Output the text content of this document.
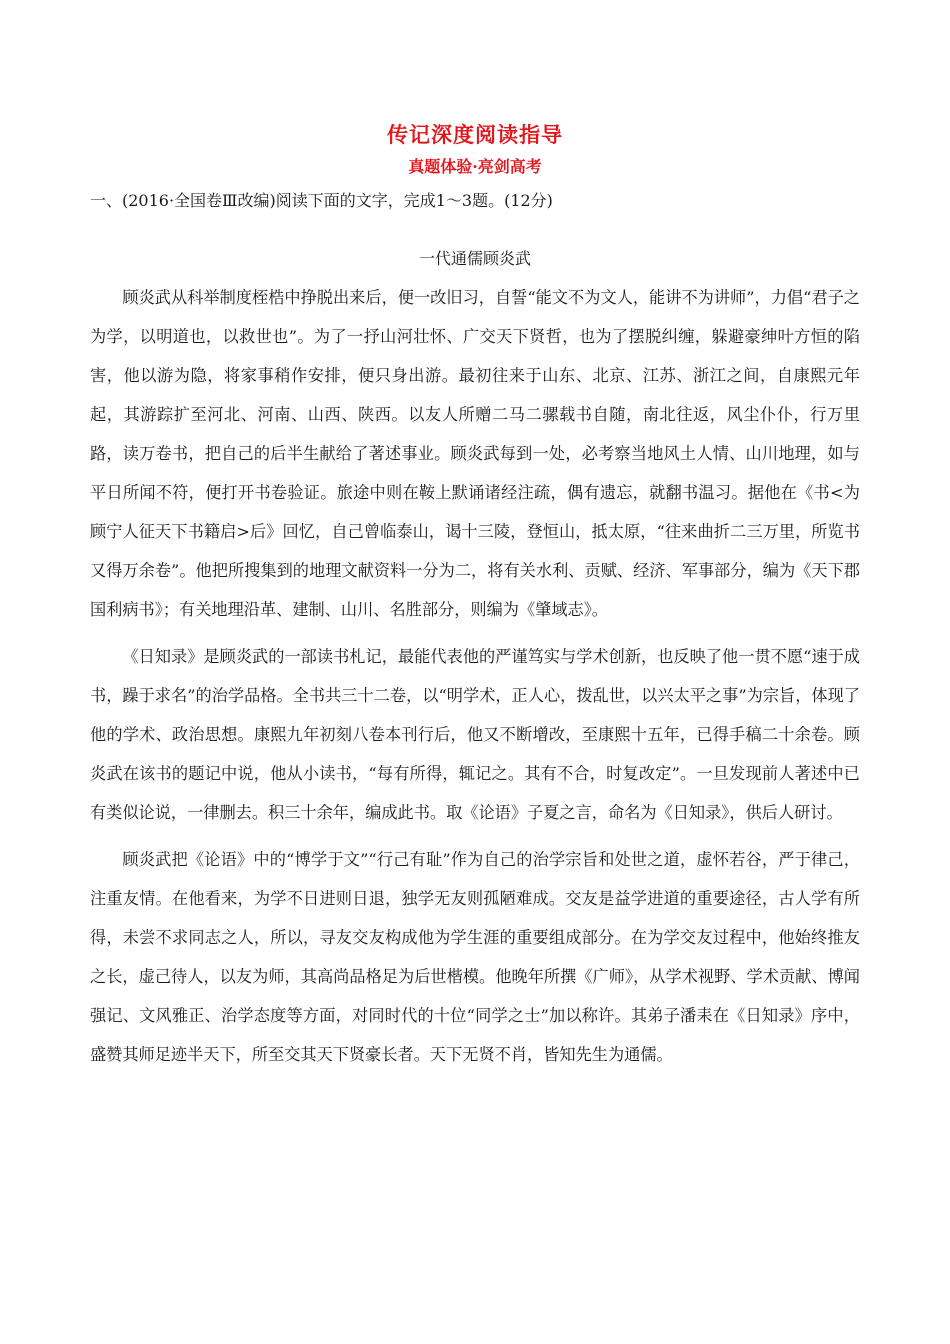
传记深度阅读指导
真题体验·亮剑高考

一、(2016·全国卷Ⅲ改编)阅读下面的文字，完成1～3题。(12分)

一代通儒顾炎武

顾炎武从科举制度桎梏中挣脱出来后，便一改旧习，自誓“能文不为文人，能讲不为讲师”，力倡“君子之为学，以明道也，以救世也”。为了一抒山河壮怀、广交天下贤哲，也为了摆脱纠缠，躲避豪绅叶方恒的陷害，他以游为隐，将家事稍作安排，便只身出游。最初往来于山东、北京、江苏、浙江之间，自康熙元年起，其游踪扩至河北、河南、山西、陕西。以友人所赠二马二骡载书自随，南北往返，风尘仆仆，行万里路，读万卷书，把自己的后半生献给了著述事业。顾炎武每到一处，必考察当地风土人情、山川地理，如与平日所闻不符，便打开书卷验证。旅途中则在鞍上默诵诸经注疏，偶有遗忘，就翻书温习。据他在《书<为顾宁人征天下书籍启>后》回忆，自己曾临泰山，谒十三陵，登恒山，抵太原，“往来曲折二三万里，所览书又得万余卷”。他把所搜集到的地理文献资料一分为二，将有关水利、贡赋、经济、军事部分，编为《天下郡国利病书》；有关地理沿革、建制、山川、名胜部分，则编为《肇域志》。

《日知录》是顾炎武的一部读书札记，最能代表他的严谨笃实与学术创新，也反映了他一贯不愿“速于成书，躁于求名”的治学品格。全书共三十二卷，以“明学术，正人心，拨乱世，以兴太平之事”为宗旨，体现了他的学术、政治思想。康熙九年初刻八卷本刊行后，他又不断增改，至康熙十五年，已得手稿二十余卷。顾炎武在该书的题记中说，他从小读书，“每有所得，辄记之。其有不合，时复改定”。一旦发现前人著述中已有类似论说，一律删去。积三十余年，编成此书。取《论语》子夏之言，命名为《日知录》，供后人研讨。

顾炎武把《论语》中的“博学于文”“行己有耻”作为自己的治学宗旨和处世之道，虚怀若谷，严于律己，注重友情。在他看来，为学不日进则日退，独学无友则孤陋难成。交友是益学进道的重要途径，古人学有所得，未尝不求同志之人，所以，寻友交友构成他为学生涯的重要组成部分。在为学交友过程中，他始终推友之长，虚己待人，以友为师，其高尚品格足为后世楷模。他晚年所撰《广师》，从学术视野、学术贡献、博闻强记、文风雅正、治学态度等方面，对同时代的十位“同学之士”加以称许。其弟子潘耒在《日知录》序中，盛赞其师足迹半天下，所至交其天下贤豪长者。天下无贤不肖，皆知先生为通儒。
